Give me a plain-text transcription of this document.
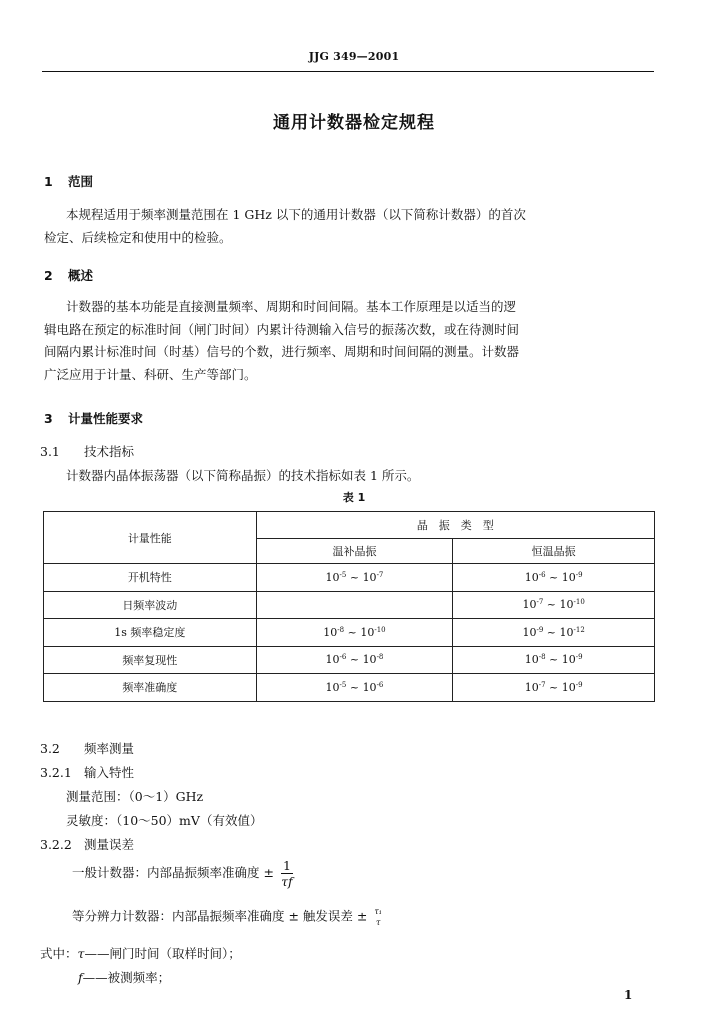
JJG 349—2001
通用计数器检定规程
1 范围
本规程适用于频率测量范围在 1 GHz 以下的通用计数器（以下简称计数器）的首次
检定、后续检定和使用中的检验。
2 概述
计数器的基本功能是直接测量频率、周期和时间间隔。基本工作原理是以适当的逻
辑电路在预定的标准时间（闸门时间）内累计待测输入信号的振荡次数，或在待测时间
间隔内累计标准时间（时基）信号的个数，进行频率、周期和时间间隔的测量。计数器
广泛应用于计量、科研、生产等部门。
3 计量性能要求
3.1 技术指标
计数器内晶体振荡器（以下简称晶振）的技术指标如表 1 所示。
表 1
计量性能	晶　振　类　型	
	温补晶振	恒温晶振
开机特性	$10^{-5}$ ~ $10^{-7}$	$10^{-6}$ ~ $10^{-9}$
日频率波动		$10^{-7}$ ~ $10^{-10}$
1s 频率稳定度	$10^{-8}$ ~ $10^{-10}$	$10^{-9}$ ~ $10^{-12}$
频率复现性	$10^{-6}$ ~ $10^{-8}$	$10^{-8}$ ~ $10^{-9}$
频率准确度	$10^{-5}$ ~ $10^{-6}$	$10^{-7}$ ~ $10^{-9}$
3.2 频率测量
3.2.1 输入特性
测量范围：（0～1）GHz
灵敏度：（10～50）mV（有效值）
3.2.2 测量误差
一般计数器：内部晶振频率准确度 ± $\frac{1}{\tau f}$
等分辨力计数器：内部晶振频率准确度 ± 触发误差 ± τ₁
τ
式中：τ——闸门时间（取样时间）；
f——被测频率；
1
